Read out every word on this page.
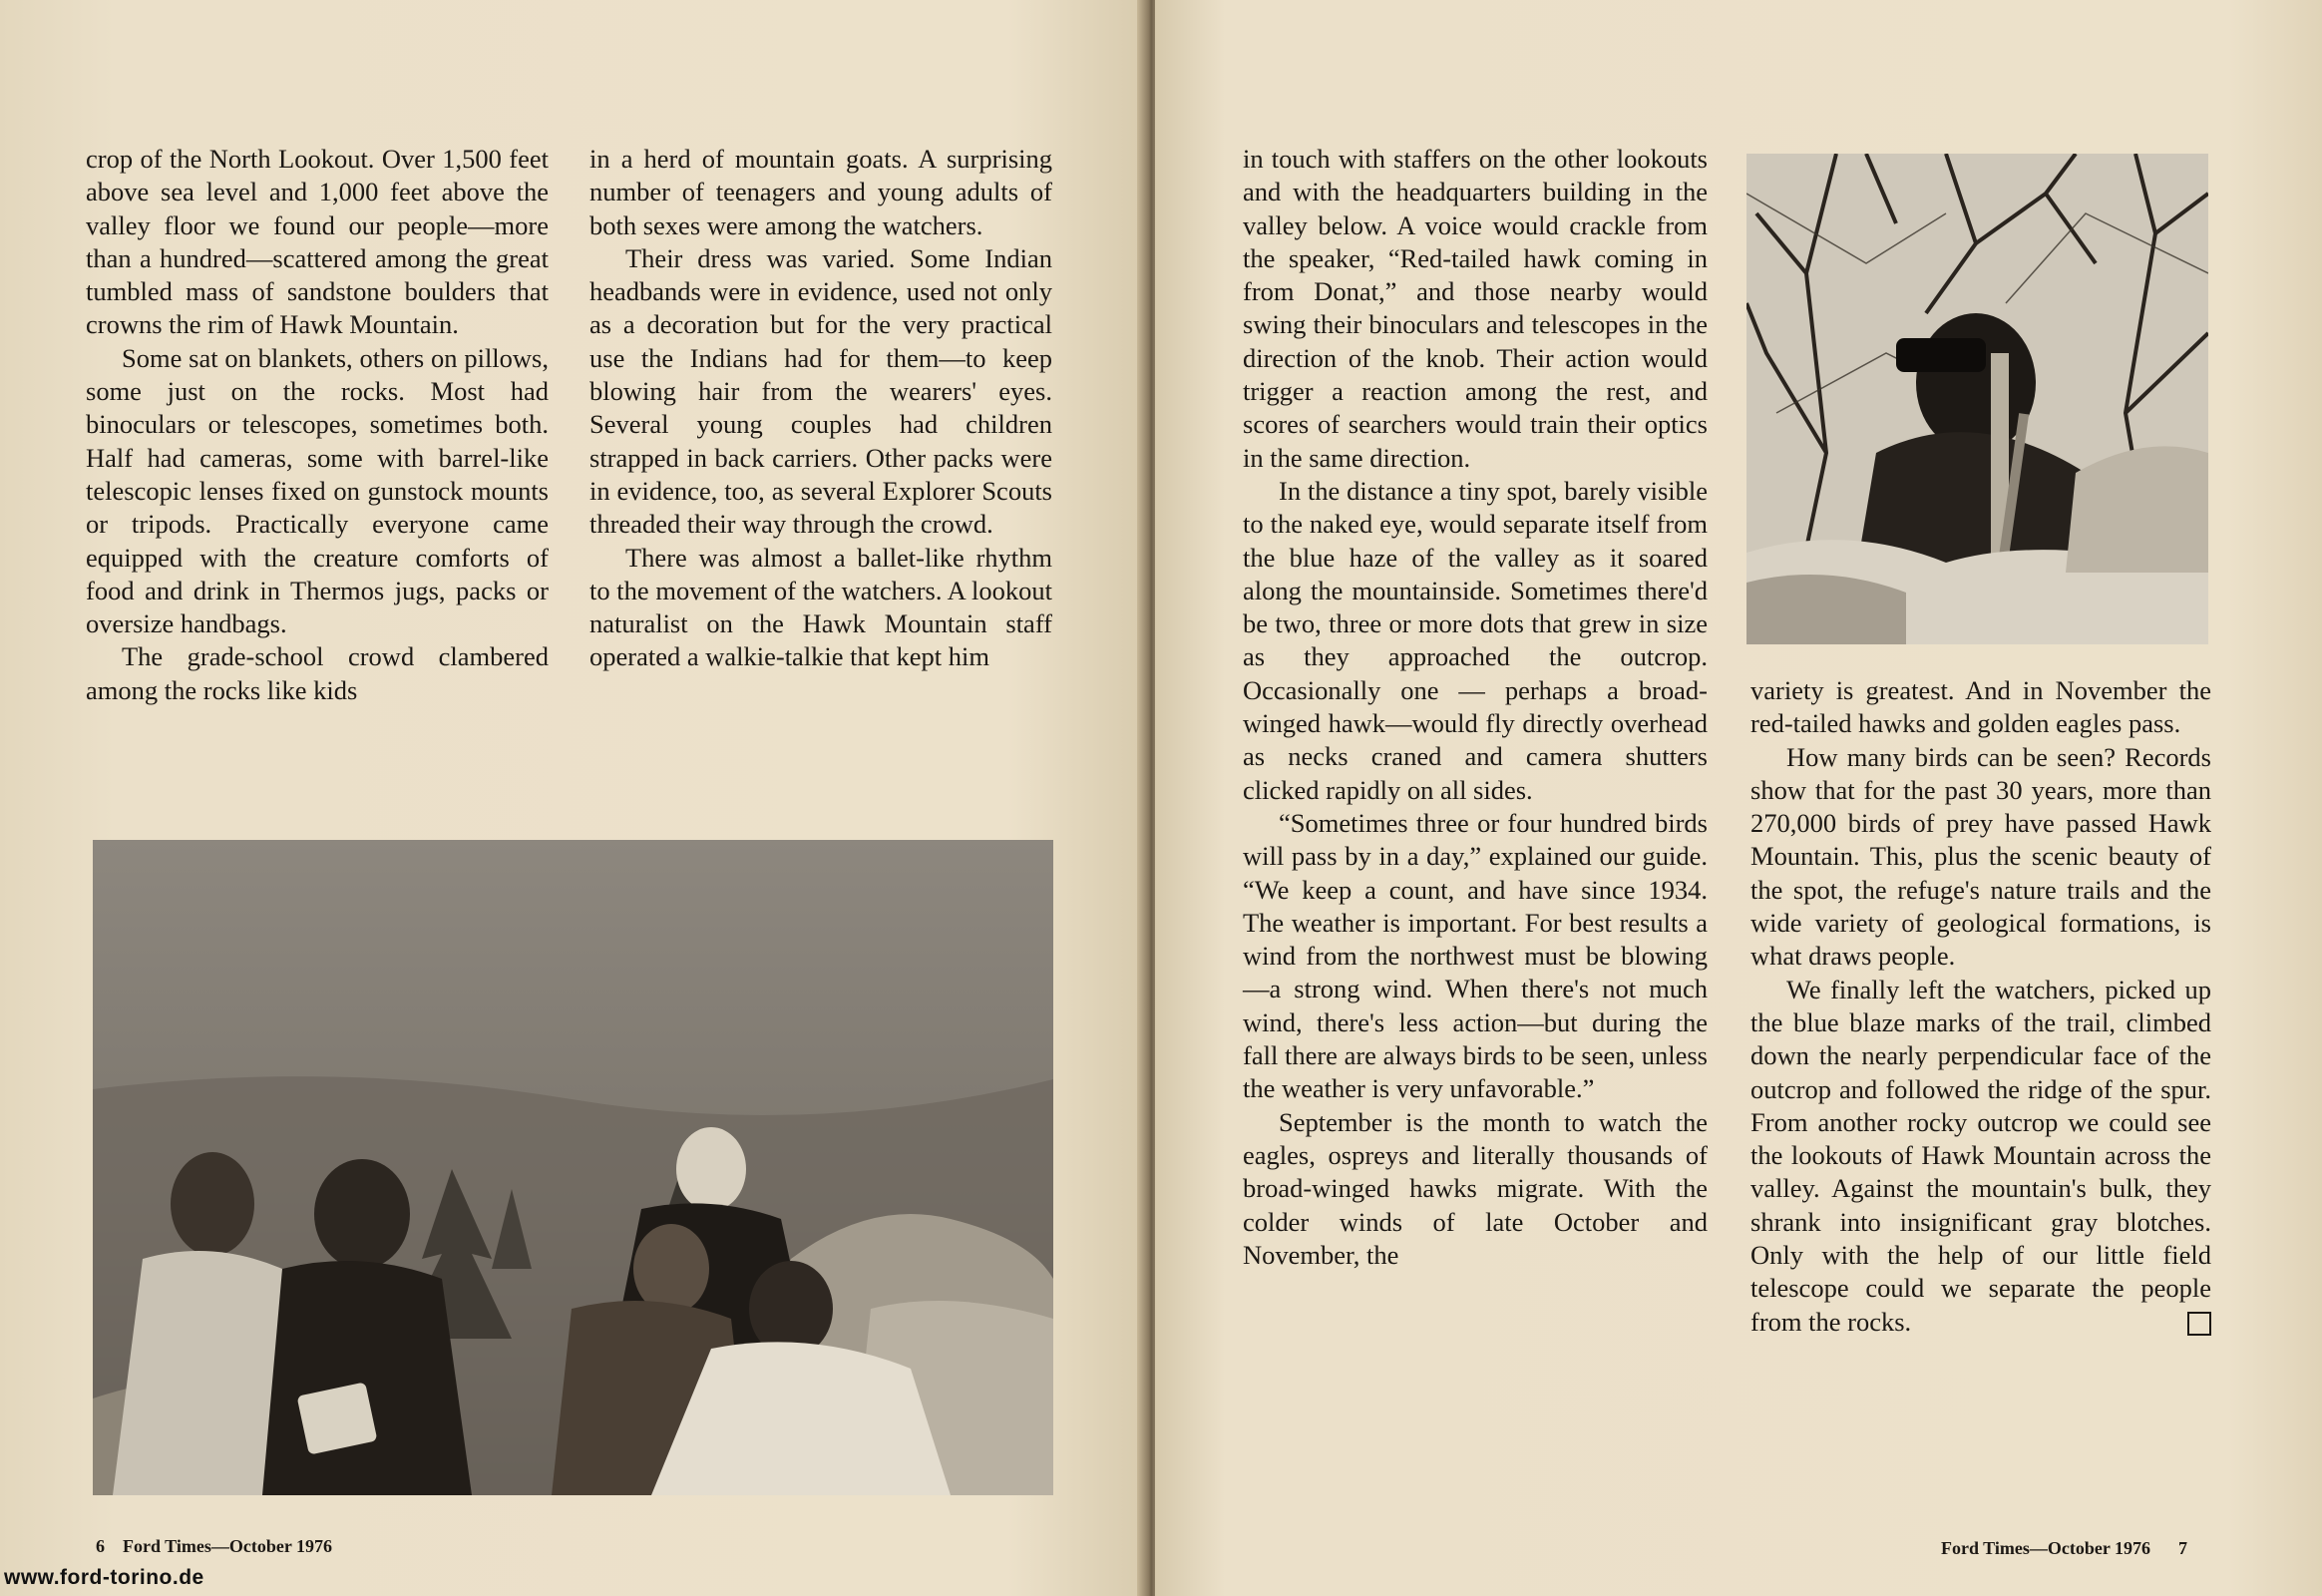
crop of the North Lookout. Over 1,500 feet above sea level and 1,000 feet above the valley floor we found our people—more than a hundred—scattered among the great tumbled mass of sandstone boulders that crowns the rim of Hawk Mountain.

Some sat on blankets, others on pillows, some just on the rocks. Most had binoculars or telescopes, sometimes both. Half had cameras, some with barrel-like telescopic lenses fixed on gunstock mounts or tripods. Practically everyone came equipped with the creature comforts of food and drink in Thermos jugs, packs or oversize handbags.

The grade-school crowd clambered among the rocks like kids

in a herd of mountain goats. A surprising number of teenagers and young adults of both sexes were among the watchers.

Their dress was varied. Some Indian headbands were in evidence, used not only as a decoration but for the very practical use the Indians had for them—to keep blowing hair from the wearers' eyes. Several young couples had children strapped in back carriers. Other packs were in evidence, too, as several Explorer Scouts threaded their way through the crowd.

There was almost a ballet-like rhythm to the movement of the watchers. A lookout naturalist on the Hawk Mountain staff operated a walkie-talkie that kept him

6 Ford Times—October 1976

in touch with staffers on the other lookouts and with the headquarters building in the valley below. A voice would crackle from the speaker, “Red-tailed hawk coming in from Donat,” and those nearby would swing their binoculars and telescopes in the direction of the knob. Their action would trigger a reaction among the rest, and scores of searchers would train their optics in the same direction.

In the distance a tiny spot, barely visible to the naked eye, would separate itself from the blue haze of the valley as it soared along the mountainside. Sometimes there'd be two, three or more dots that grew in size as they approached the outcrop. Occasionally one — perhaps a broad-winged hawk—would fly directly overhead as necks craned and camera shutters clicked rapidly on all sides.

“Sometimes three or four hundred birds will pass by in a day,” explained our guide. “We keep a count, and have since 1934. The weather is important. For best results a wind from the northwest must be blowing—a strong wind. When there's not much wind, there's less action—but during the fall there are always birds to be seen, unless the weather is very unfavorable.”

September is the month to watch the eagles, ospreys and literally thousands of broad-winged hawks migrate. With the colder winds of late October and November, the

variety is greatest. And in November the red-tailed hawks and golden eagles pass.

How many birds can be seen? Records show that for the past 30 years, more than 270,000 birds of prey have passed Hawk Mountain. This, plus the scenic beauty of the spot, the refuge's nature trails and the wide variety of geological formations, is what draws people.

We finally left the watchers, picked up the blue blaze marks of the trail, climbed down the nearly perpendicular face of the outcrop and followed the ridge of the spur. From another rocky outcrop we could see the lookouts of Hawk Mountain across the valley. Against the mountain's bulk, they shrank into insignificant gray blotches. Only with the help of our little field telescope could we separate the people from the rocks.

Ford Times—October 1976 7
www.ford-torino.de
